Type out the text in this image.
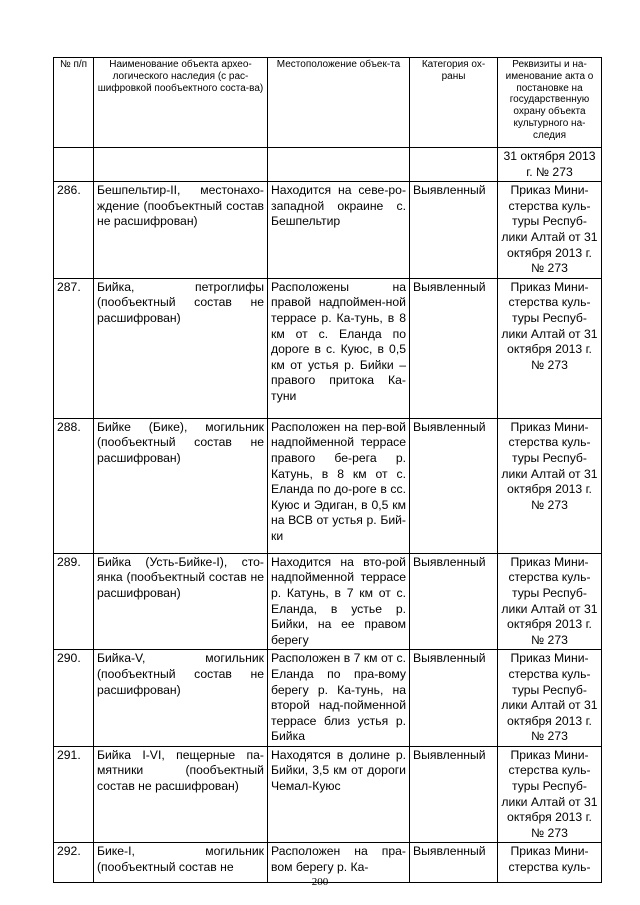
№ п/п	Наименование объекта архео-логического наследия (с рас-шифровкой пообъектного соста-ва)	Местоположение объек-та	Категория ох-раны	Реквизиты и на-именование акта о постановке на государственную охрану объекта культурного на-следия
				31 октября 2013 г. № 273
286.	Бешпельтир-II, местонахо-ждение (пообъектный состав не расшифрован)	Находится на севе-ро-западной окраине с. Бешпельтир	Выявленный	Приказ Мини-стерства куль-туры Респуб-лики Алтай от 31 октября 2013 г. № 273
287.	Бийка, петроглифы (пообъектный состав не расшифрован)	Расположены на правой надпоймен-ной террасе р. Ка-тунь, в 8 км от с. Еланда по дороге в с. Куюс, в 0,5 км от устья р. Бийки – правого притока Ка-туни	Выявленный	Приказ Мини-стерства куль-туры Респуб-лики Алтай от 31 октября 2013 г. № 273
288.	Бийке (Бике), могильник (пообъектный состав не расшифрован)	Расположен на пер-вой надпойменной террасе правого бе-рега р. Катунь, в 8 км от с. Еланда по до-роге в сс. Куюс и Эдиган, в 0,5 км на ВСВ от устья р. Бий-ки	Выявленный	Приказ Мини-стерства куль-туры Респуб-лики Алтай от 31 октября 2013 г. № 273
289.	Бийка (Усть-Бийке-I), сто-янка (пообъектный состав не расшифрован)	Находится на вто-рой надпойменной террасе р. Катунь, в 7 км от с. Еланда, в устье р. Бийки, на ее правом берегу	Выявленный	Приказ Мини-стерства куль-туры Респуб-лики Алтай от 31 октября 2013 г. № 273
290.	Бийка-V, могильник (пообъектный состав не расшифрован)	Расположен в 7 км от с. Еланда по пра-вому берегу р. Ка-тунь, на второй над-пойменной террасе близ устья р. Бийка	Выявленный	Приказ Мини-стерства куль-туры Респуб-лики Алтай от 31 октября 2013 г. № 273
291.	Бийка I-VI, пещерные па-мятники (пообъектный состав не расшифрован)	Находятся в долине р. Бийки, 3,5 км от дороги Чемал-Куюс	Выявленный	Приказ Мини-стерства куль-туры Респуб-лики Алтай от 31 октября 2013 г. № 273
292.	Бике-I, могильник (пообъектный состав не	Расположен на пра-вом берегу р. Ка-	Выявленный	Приказ Мини-стерства куль-
200
